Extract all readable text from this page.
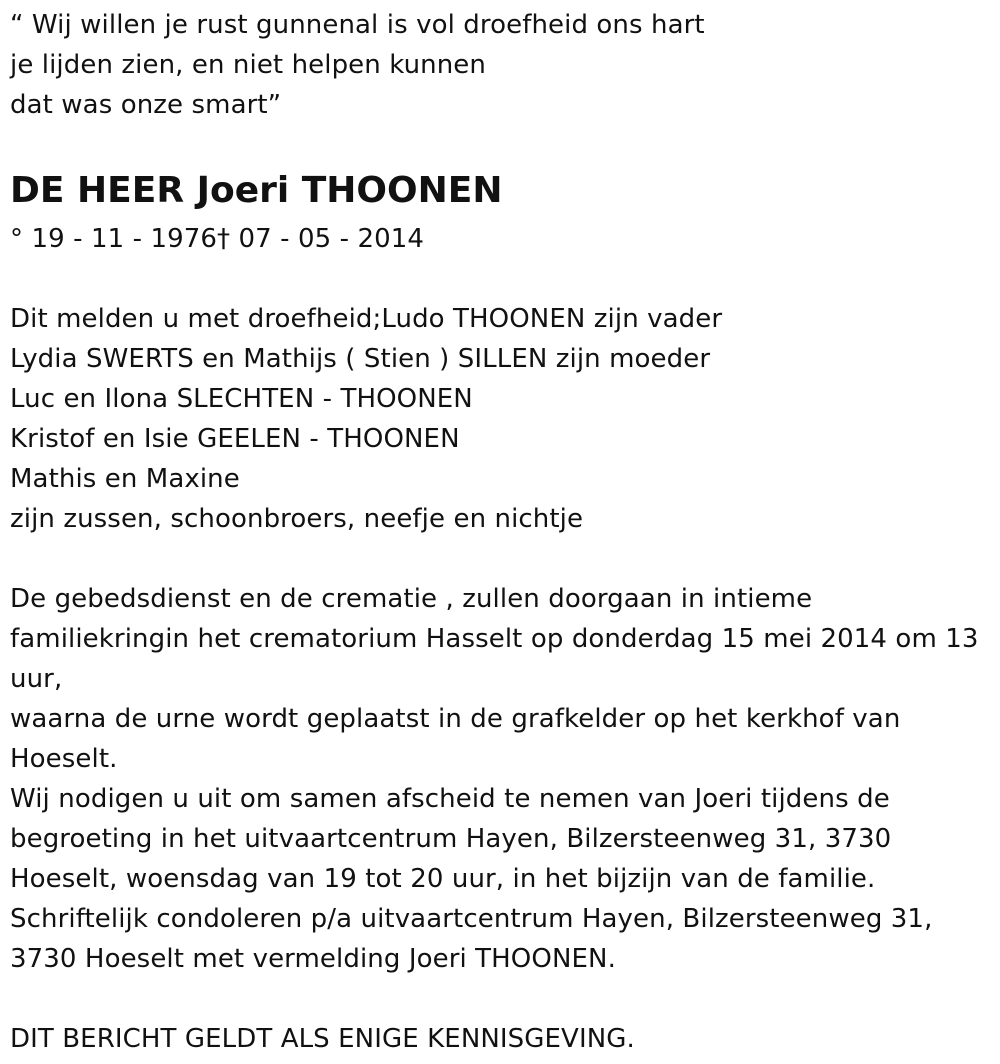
“ Wij willen je rust gunnenal is vol droefheid ons hart
je lijden zien, en niet helpen kunnen
dat was onze smart”
DE HEER Joeri THOONEN
° 19 - 11 - 1976† 07 - 05 - 2014
Dit melden u met droefheid;Ludo THOONEN zijn vader
Lydia SWERTS en Mathijs ( Stien ) SILLEN zijn moeder
Luc en Ilona SLECHTEN - THOONEN
Kristof en Isie GEELEN - THOONEN
Mathis en Maxine
zijn zussen, schoonbroers, neefje en nichtje
De gebedsdienst en de crematie , zullen doorgaan in intieme
familiekringin het crematorium Hasselt op donderdag 15 mei 2014 om 13
uur,
waarna de urne wordt geplaatst in de grafkelder op het kerkhof van
Hoeselt.
Wij nodigen u uit om samen afscheid te nemen van Joeri tijdens de
begroeting in het uitvaartcentrum Hayen, Bilzersteenweg 31, 3730
Hoeselt, woensdag van 19 tot 20 uur, in het bijzijn van de familie.
Schriftelijk condoleren p/a uitvaartcentrum Hayen, Bilzersteenweg 31,
3730 Hoeselt met vermelding Joeri THOONEN.
DIT BERICHT GELDT ALS ENIGE KENNISGEVING.
